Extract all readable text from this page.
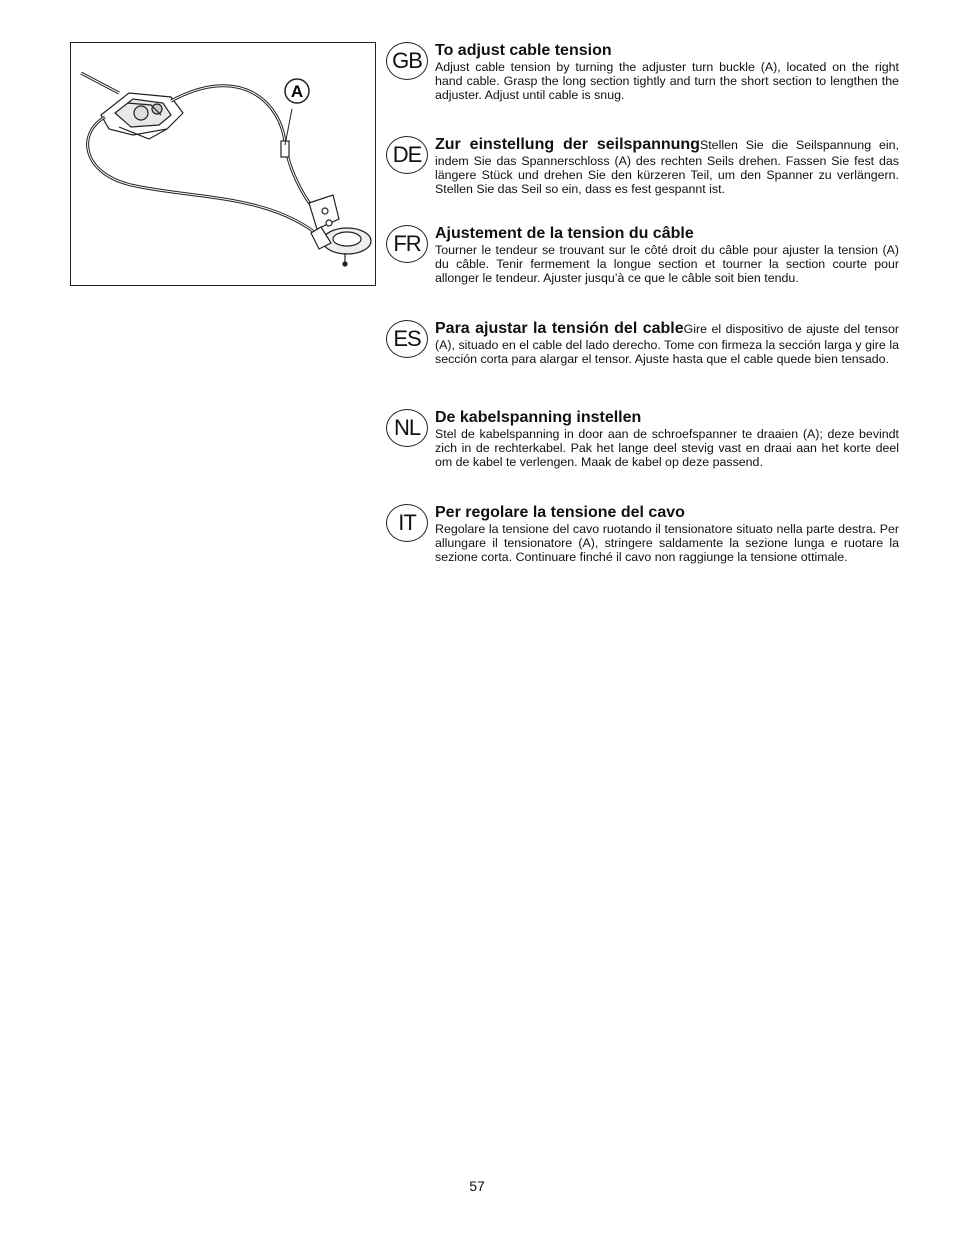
A
GB To adjust cable tension
Adjust cable tension by turning the adjuster turn buckle (A), located on the right hand cable. Grasp the long section tightly and turn the short section to lengthen the adjuster. Adjust until cable is snug.
DE Zur einstellung der seilspannungStellen Sie die Seilspannung ein, indem Sie das Spannerschloss (A) des rechten Seils drehen. Fassen Sie fest das längere Stück und drehen Sie den kürzeren Teil, um den Spanner zu verlängern. Stellen Sie das Seil so ein, dass es fest gespannt ist.
FR Ajustement de la tension du câble
Tourner le tendeur se trouvant sur le côté droit du câble pour ajuster la tension (A) du câble. Tenir fermement la longue section et tourner la section courte pour allonger le tendeur. Ajuster jusqu’à ce que le câble soit bien tendu.
ES Para ajustar la tensión del cableGire el dispositivo de ajuste del tensor (A), situado en el cable del lado derecho. Tome con firmeza la sección larga y gire la sección corta para alargar el tensor. Ajuste hasta que el cable quede bien tensado.
NL De kabelspanning instellen
Stel de kabelspanning in door aan de schroefspanner te draaien (A); deze bevindt zich in de rechterkabel. Pak het lange deel stevig vast en draai aan het korte deel om de kabel te verlengen. Maak de kabel op deze passend.
IT	Per regolare la tensione del cavo
Regolare la tensione del cavo ruotando il tensionatore situato nella parte destra. Per allungare il tensionatore (A), stringere saldamente la sezione lunga e ruotare la sezione corta. Continuare finché il cavo non raggiunge la tensione ottimale.
57
